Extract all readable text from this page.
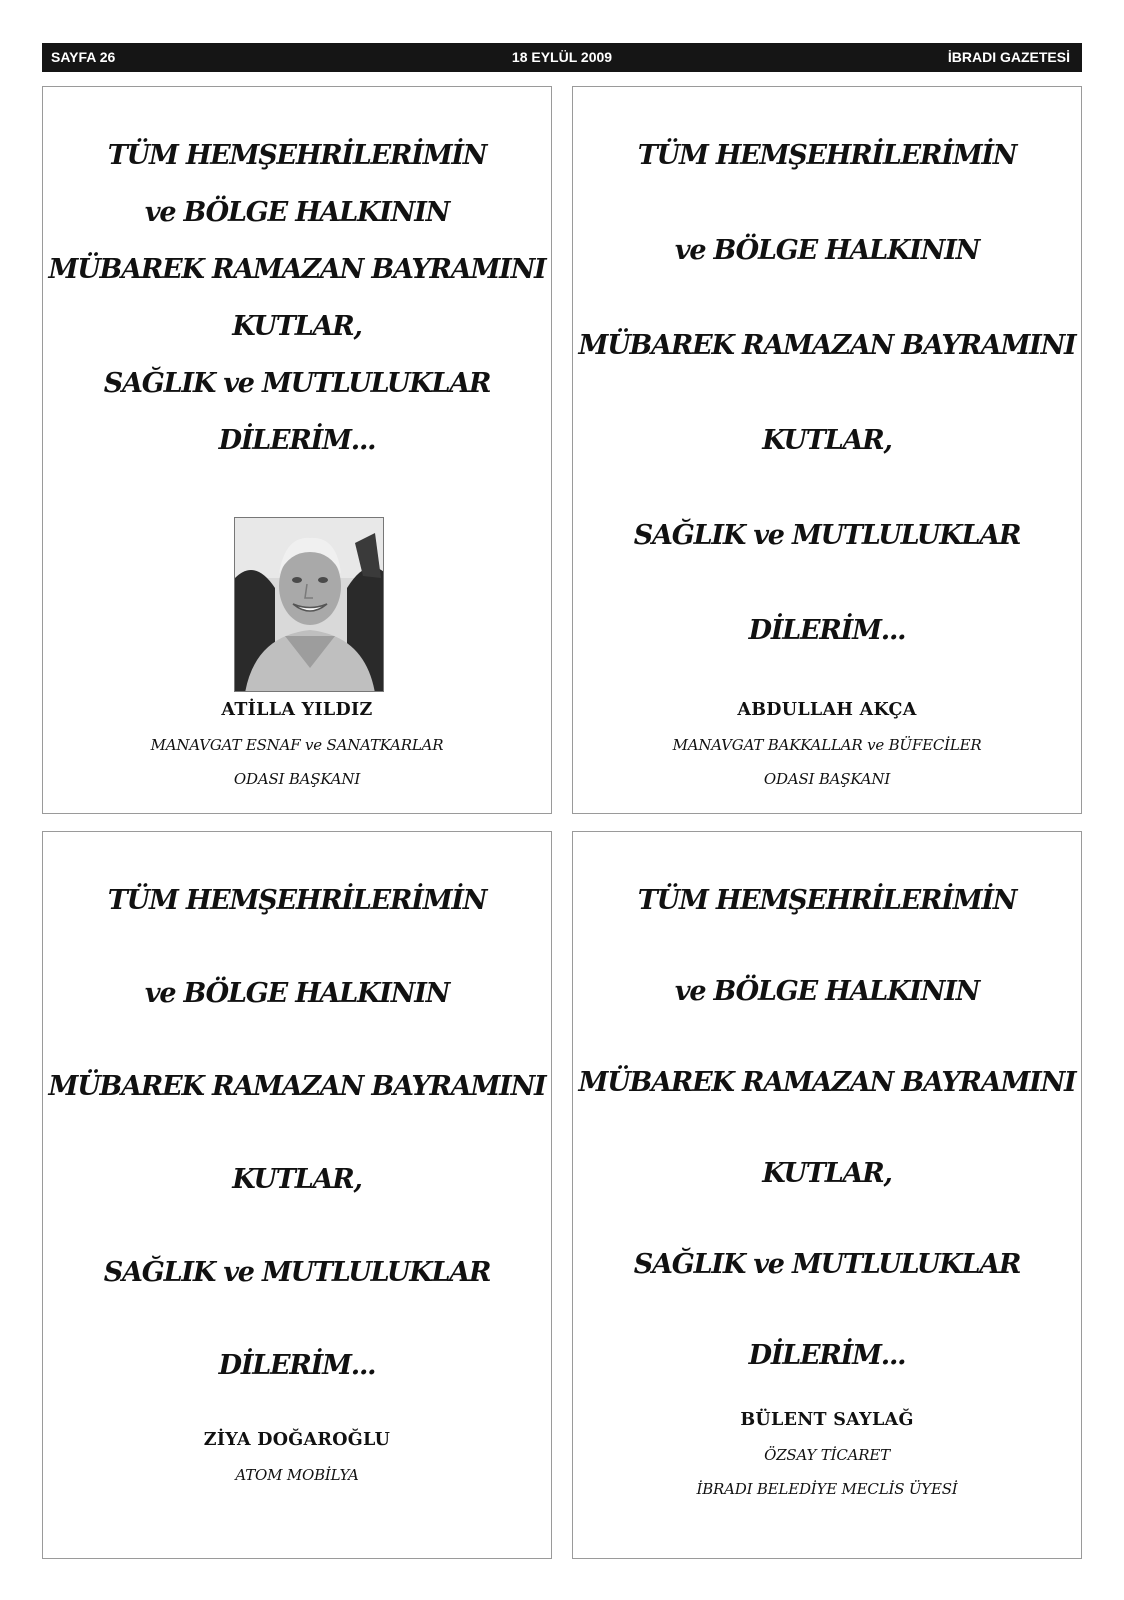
18 EYLÜL 2009
SAYFA 26	İBRADI GAZETESİ
TÜM HEMŞEHRİLERİMİN
ve BÖLGE HALKININ
MÜBAREK RAMAZAN BAYRAMINI
KUTLAR,
SAĞLIK ve MUTLULUKLAR
DİLERİM...
ATİLLA YILDIZ
MANAVGAT ESNAF ve SANATKARLAR
ODASI BAŞKANI
TÜM HEMŞEHRİLERİMİN
ve BÖLGE HALKININ
MÜBAREK RAMAZAN BAYRAMINI
KUTLAR,
SAĞLIK ve MUTLULUKLAR
DİLERİM...
ABDULLAH AKÇA
MANAVGAT BAKKALLAR ve BÜFECİLER
ODASI BAŞKANI
TÜM HEMŞEHRİLERİMİN
ve BÖLGE HALKININ
MÜBAREK RAMAZAN BAYRAMINI
KUTLAR,
SAĞLIK ve MUTLULUKLAR
DİLERİM...
ZİYA DOĞAROĞLU
ATOM MOBİLYA
TÜM HEMŞEHRİLERİMİN
ve BÖLGE HALKININ
MÜBAREK RAMAZAN BAYRAMINI
KUTLAR,
SAĞLIK ve MUTLULUKLAR
DİLERİM...
BÜLENT SAYLAĞ
ÖZSAY TİCARET
İBRADI BELEDİYE MECLİS ÜYESİ
